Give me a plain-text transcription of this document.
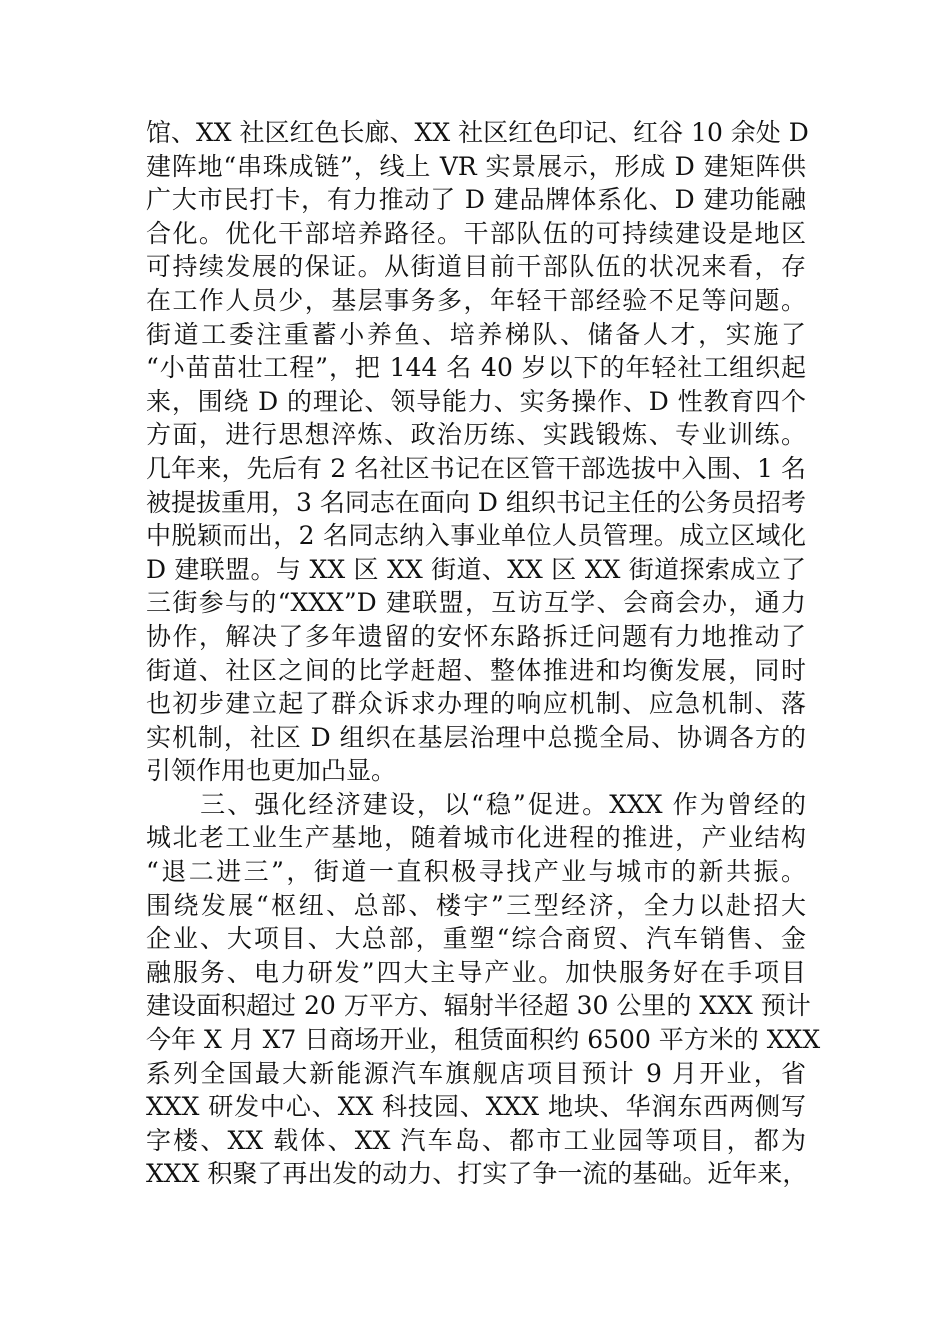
馆、XX 社区红色长廊、XX 社区红色印记、红谷 10 余处 D
建阵地“串珠成链”，线上 VR 实景展示，形成 D 建矩阵供
广大市民打卡，有力推动了 D 建品牌体系化、D 建功能融
合化。优化干部培养路径。干部队伍的可持续建设是地区
可持续发展的保证。从街道目前干部队伍的状况来看，存
在工作人员少，基层事务多，年轻干部经验不足等问题。
街道工委注重蓄小养鱼、培养梯队、储备人才，实施了
“小苗苗壮工程”，把 144 名 40 岁以下的年轻社工组织起
来，围绕 D 的理论、领导能力、实务操作、D 性教育四个
方面，进行思想淬炼、政治历练、实践锻炼、专业训练。
几年来，先后有 2 名社区书记在区管干部选拔中入围、1 名
被提拔重用，3 名同志在面向 D 组织书记主任的公务员招考
中脱颖而出，2 名同志纳入事业单位人员管理。成立区域化
D 建联盟。与 XX 区 XX 街道、XX 区 XX 街道探索成立了
三街参与的“XXX”D 建联盟，互访互学、会商会办，通力
协作，解决了多年遗留的安怀东路拆迁问题有力地推动了
街道、社区之间的比学赶超、整体推进和均衡发展，同时
也初步建立起了群众诉求办理的响应机制、应急机制、落
实机制，社区 D 组织在基层治理中总揽全局、协调各方的
引领作用也更加凸显。
　　三、强化经济建设，以“稳”促进。XXX 作为曾经的
城北老工业生产基地，随着城市化进程的推进，产业结构
“退二进三”，街道一直积极寻找产业与城市的新共振。
围绕发展“枢纽、总部、楼宇”三型经济，全力以赴招大
企业、大项目、大总部，重塑“综合商贸、汽车销售、金
融服务、电力研发”四大主导产业。加快服务好在手项目
建设面积超过 20 万平方、辐射半径超 30 公里的 XXX 预计
今年 X 月 X7 日商场开业，租赁面积约 6500 平方米的 XXX
系列全国最大新能源汽车旗舰店项目预计 9 月开业，省
XXX 研发中心、XX 科技园、XXX 地块、华润东西两侧写
字楼、XX 载体、XX 汽车岛、都市工业园等项目，都为
XXX 积聚了再出发的动力、打实了争一流的基础。近年来，
